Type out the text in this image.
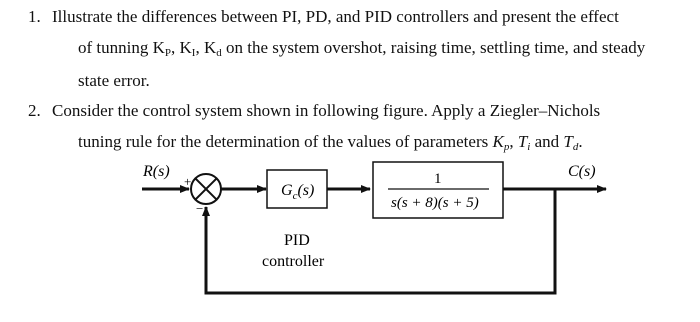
1. Illustrate the differences between PI, PD, and PID controllers and present the effect
of tunning $K_P$, $K_I$, $K_d$ on the system overshot, raising time, settling time, and steady
state error.
2. Consider the control system shown in following figure. Apply a Ziegler–Nichols
tuning rule for the determination of the values of parameters $K_p$, $T_i$ and $T_d$.
R(s)
+
−
$G_c(s)$
1
s(s + 8)(s + 5)
C(s)
PID
controller
